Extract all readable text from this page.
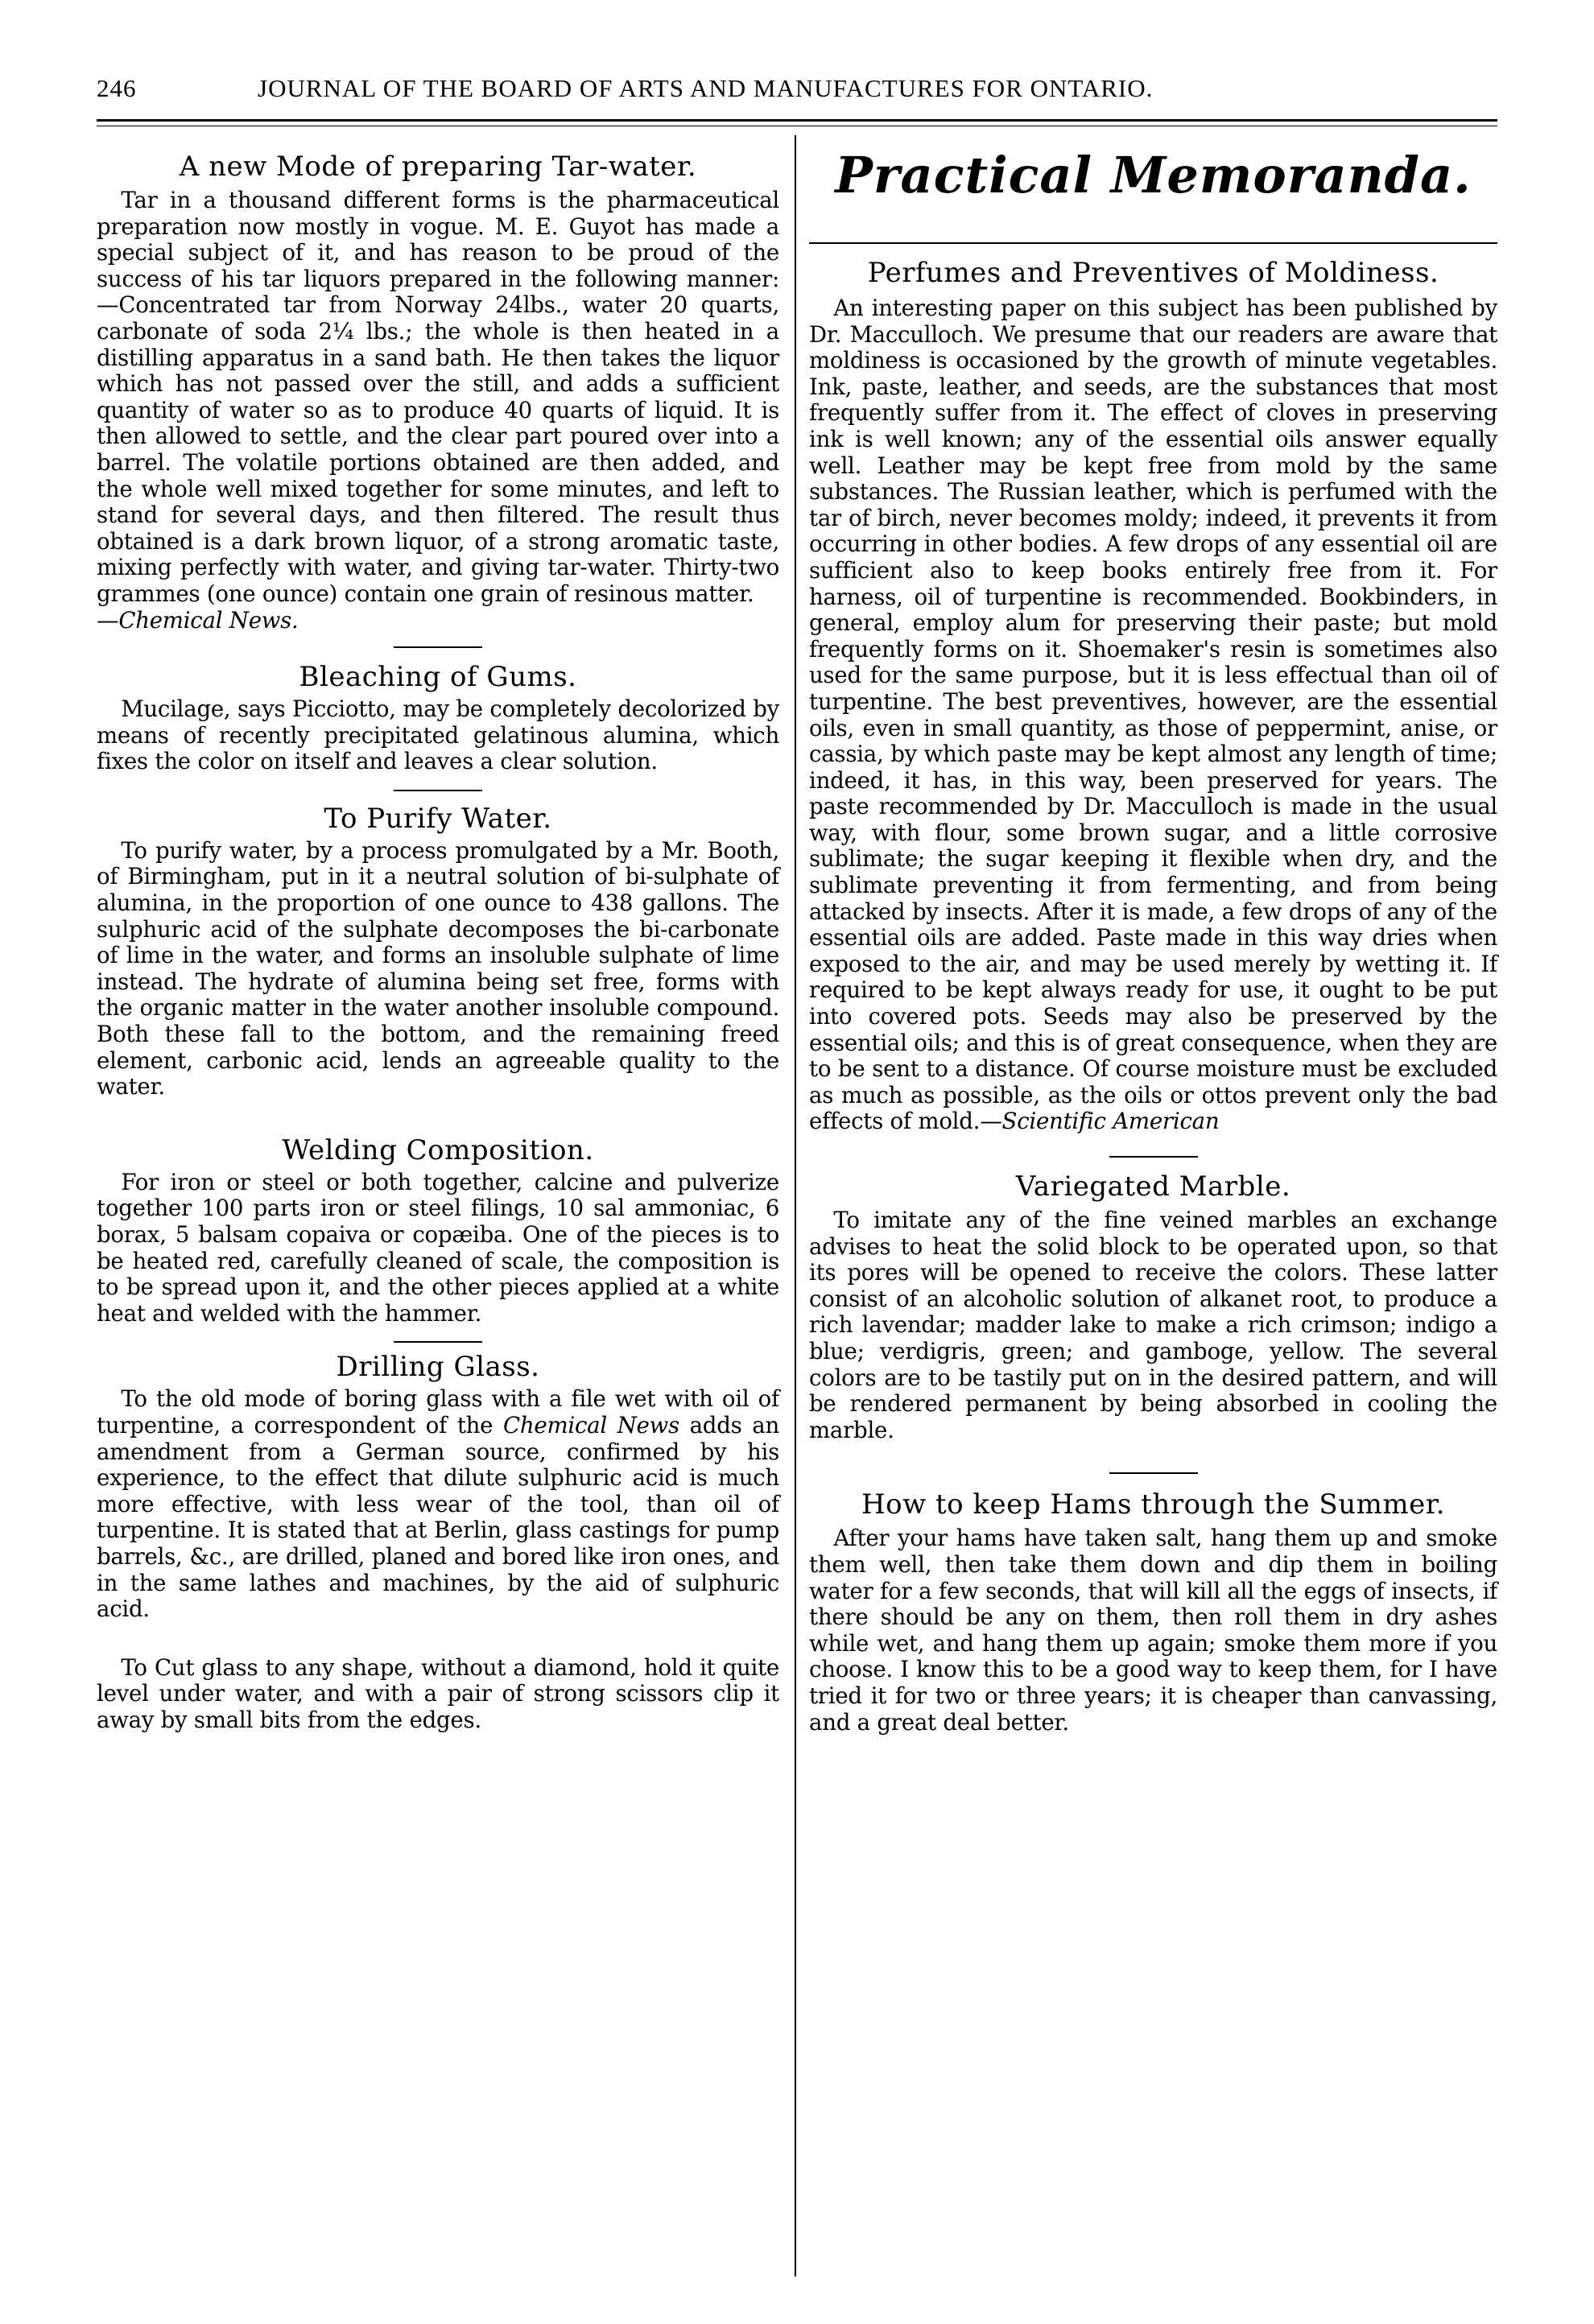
246	JOURNAL OF THE BOARD OF ARTS AND MANUFACTURES FOR ONTARIO.
A new Mode of preparing Tar-water.

Tar in a thousand different forms is the pharmaceutical preparation now mostly in vogue. M. E. Guyot has made a special subject of it, and has reason to be proud of the success of his tar liquors prepared in the following manner:—Concentrated tar from Norway 24lbs., water 20 quarts, carbonate of soda 2¼ lbs.; the whole is then heated in a distilling apparatus in a sand bath. He then takes the liquor which has not passed over the still, and adds a sufficient quantity of water so as to produce 40 quarts of liquid. It is then allowed to settle, and the clear part poured over into a barrel. The volatile portions obtained are then added, and the whole well mixed together for some minutes, and left to stand for several days, and then filtered. The result thus obtained is a dark brown liquor, of a strong aromatic taste, mixing perfectly with water, and giving tar-water. Thirty-two grammes (one ounce) contain one grain of resinous matter.

—Chemical News.

Bleaching of Gums.

Mucilage, says Picciotto, may be completely decolorized by means of recently precipitated gelatinous alumina, which fixes the color on itself and leaves a clear solution.

To Purify Water.

To purify water, by a process promulgated by a Mr. Booth, of Birmingham, put in it a neutral solution of bi-sulphate of alumina, in the proportion of one ounce to 438 gallons. The sulphuric acid of the sulphate decomposes the bi-carbonate of lime in the water, and forms an insoluble sulphate of lime instead. The hydrate of alumina being set free, forms with the organic matter in the water another insoluble compound. Both these fall to the bottom, and the remaining freed element, carbonic acid, lends an agreeable quality to the water.

Welding Composition.

For iron or steel or both together, calcine and pulverize together 100 parts iron or steel filings, 10 sal ammoniac, 6 borax, 5 balsam copaiva or copæiba. One of the pieces is to be heated red, carefully cleaned of scale, the composition is to be spread upon it, and the other pieces applied at a white heat and welded with the hammer.

Drilling Glass.

To the old mode of boring glass with a file wet with oil of turpentine, a correspondent of the Chemical News adds an amendment from a German source, confirmed by his experience, to the effect that dilute sulphuric acid is much more effective, with less wear of the tool, than oil of turpentine. It is stated that at Berlin, glass castings for pump barrels, &c., are drilled, planed and bored like iron ones, and in the same lathes and machines, by the aid of sulphuric acid.

To Cut glass to any shape, without a diamond, hold it quite level under water, and with a pair of strong scissors clip it away by small bits from the edges.

Practical Memoranda.
Perfumes and Preventives of Moldiness.

An interesting paper on this subject has been published by Dr. Macculloch. We presume that our readers are aware that moldiness is occasioned by the growth of minute vegetables. Ink, paste, leather, and seeds, are the substances that most frequently suffer from it. The effect of cloves in preserving ink is well known; any of the essential oils answer equally well. Leather may be kept free from mold by the same substances. The Russian leather, which is perfumed with the tar of birch, never becomes moldy; indeed, it prevents it from occurring in other bodies. A few drops of any essential oil are sufficient also to keep books entirely free from it. For harness, oil of turpentine is recommended. Bookbinders, in general, employ alum for preserving their paste; but mold frequently forms on it. Shoemaker's resin is sometimes also used for the same purpose, but it is less effectual than oil of turpentine. The best preventives, however, are the essential oils, even in small quantity, as those of peppermint, anise, or cassia, by which paste may be kept almost any length of time; indeed, it has, in this way, been preserved for years. The paste recommended by Dr. Macculloch is made in the usual way, with flour, some brown sugar, and a little corrosive sublimate; the sugar keeping it flexible when dry, and the sublimate preventing it from fermenting, and from being attacked by insects. After it is made, a few drops of any of the essential oils are added. Paste made in this way dries when exposed to the air, and may be used merely by wetting it. If required to be kept always ready for use, it ought to be put into covered pots. Seeds may also be preserved by the essential oils; and this is of great consequence, when they are to be sent to a distance. Of course moisture must be excluded as much as possible, as the oils or ottos prevent only the bad effects of mold.—Scientific American

Variegated Marble.

To imitate any of the fine veined marbles an exchange advises to heat the solid block to be operated upon, so that its pores will be opened to receive the colors. These latter consist of an alcoholic solution of alkanet root, to produce a rich lavendar; madder lake to make a rich crimson; indigo a blue; verdigris, green; and gamboge, yellow. The several colors are to be tastily put on in the desired pattern, and will be rendered permanent by being absorbed in cooling the marble.

How to keep Hams through the Summer.

After your hams have taken salt, hang them up and smoke them well, then take them down and dip them in boiling water for a few seconds, that will kill all the eggs of insects, if there should be any on them, then roll them in dry ashes while wet, and hang them up again; smoke them more if you choose. I know this to be a good way to keep them, for I have tried it for two or three years; it is cheaper than canvassing, and a great deal better.
